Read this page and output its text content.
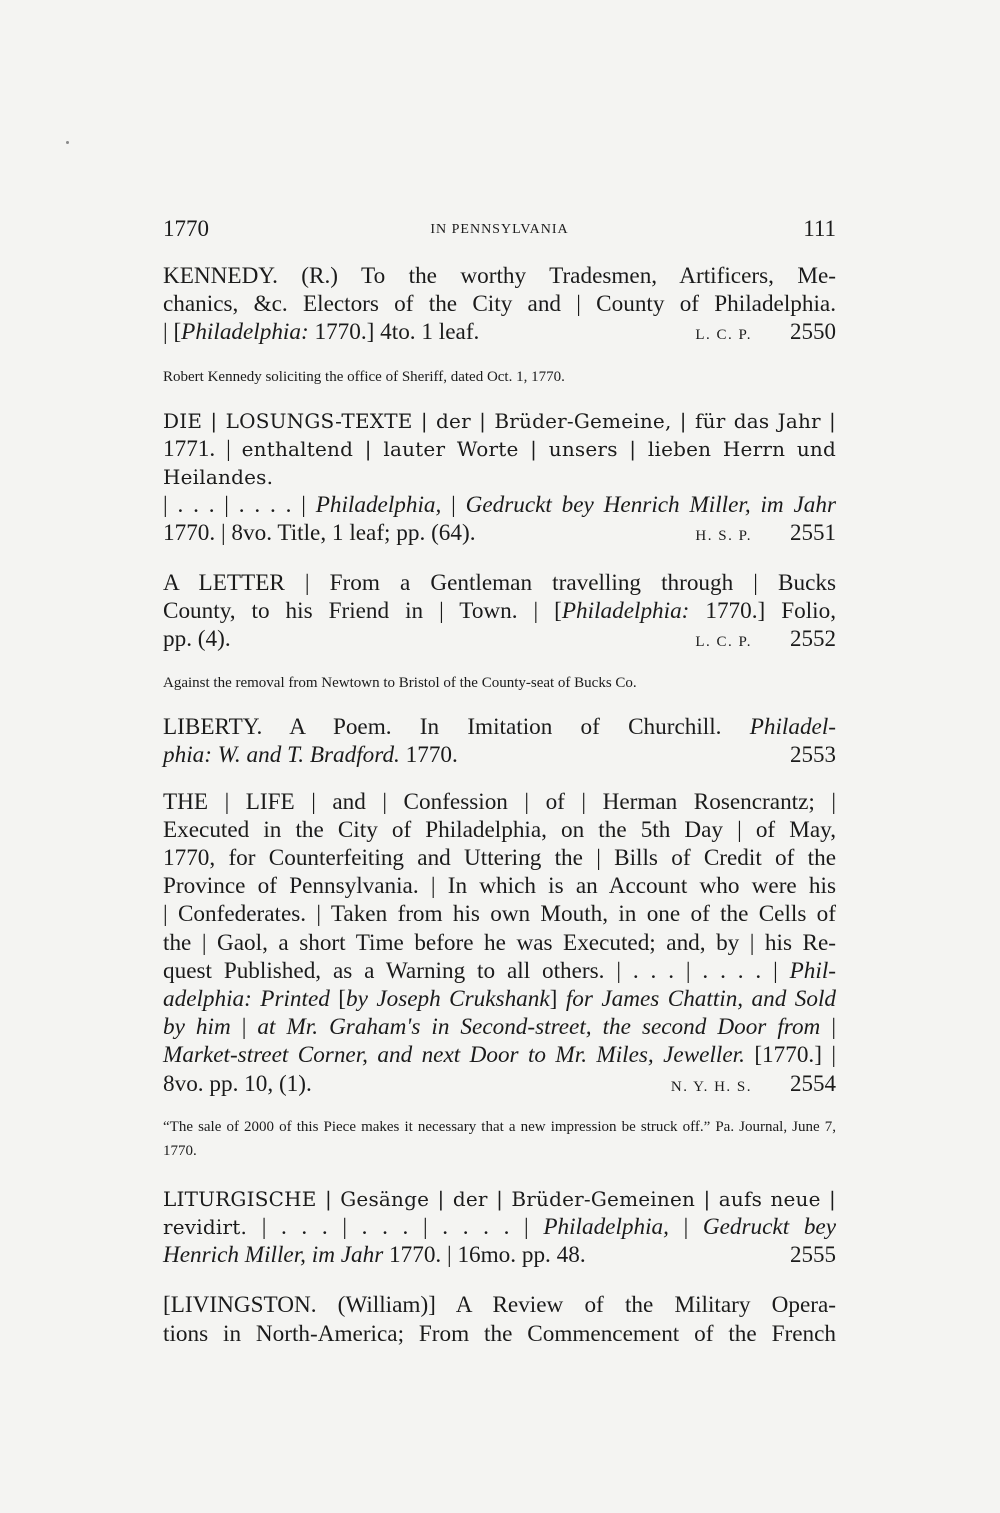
1770	IN PENNSYLVANIA	111
KENNEDY. (R.) To the worthy Tradesmen, Artificers, Me-
chanics, &c. Electors of the City and | County of Philadelphia.
| [Philadelphia: 1770.] 4to. 1 leaf.	L. C. P. 2550

Robert Kennedy soliciting the office of Sheriff, dated Oct. 1, 1770.

DIE | LOSUNGS-TEXTE | der | Brüder-Gemeine, | für das Jahr |
1771. | enthaltend | lauter Worte | unsers | lieben Herrn und Heilandes.
| . . . | . . . . | Philadelphia, | Gedruckt bey Henrich Miller, im Jahr
1770. | 8vo. Title, 1 leaf; pp. (64).	H. S. P. 2551
A LETTER | From a Gentleman travelling through | Bucks
County, to his Friend in | Town. | [Philadelphia: 1770.] Folio,
pp. (4).	L. C. P. 2552

Against the removal from Newtown to Bristol of the County-seat of Bucks Co.

LIBERTY. A Poem. In Imitation of Churchill. Philadel-
phia: W. and T. Bradford. 1770.	2553
THE | LIFE | and | Confession | of | Herman Rosencrantz; |
Executed in the City of Philadelphia, on the 5th Day | of May,
1770, for Counterfeiting and Uttering the | Bills of Credit of the
Province of Pennsylvania. | In which is an Account who were his
| Confederates. | Taken from his own Mouth, in one of the Cells of
the | Gaol, a short Time before he was Executed; and, by | his Re-
quest Published, as a Warning to all others. | . . . | . . . . | Phil-
adelphia: Printed [by Joseph Crukshank] for James Chattin, and Sold
by him | at Mr. Graham's in Second-street, the second Door from |
Market-street Corner, and next Door to Mr. Miles, Jeweller. [1770.] |
8vo. pp. 10, (1).	N. Y. H. S. 2554

“The sale of 2000 of this Piece makes it necessary that a new impression be struck off.” Pa. Journal, June 7, 1770.

LITURGISCHE | Gesänge | der | Brüder-Gemeinen | aufs neue |
revidirt. | . . . | . . . | . . . . | Philadelphia, | Gedruckt bey
Henrich Miller, im Jahr 1770. | 16mo. pp. 48.	2555
[LIVINGSTON. (William)] A Review of the Military Opera-
tions in North-America; From the Commencement of the French
